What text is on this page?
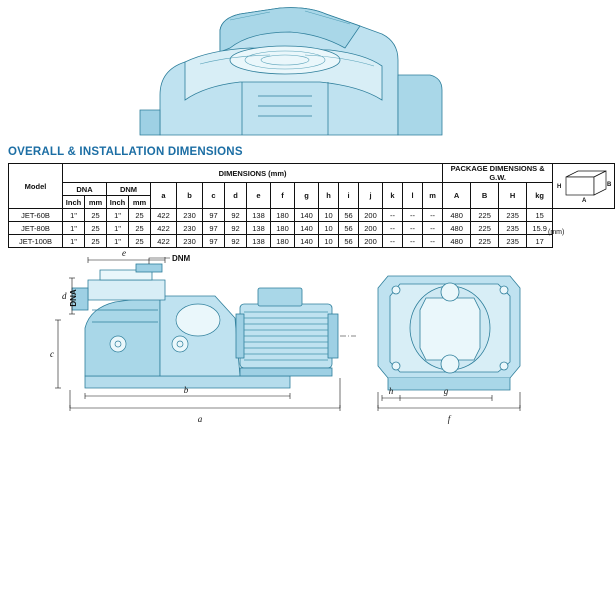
OVERALL & INSTALLATION DIMENSIONS
Model	DIMENSIONS (mm)																	PACKAGE DIMENSIONS & G.W.				H
A
B

	DNA		DNM		a	b	c	d	e	f	g	h	i	j	k	l	m	A	B	H	kg	
	Inch	mm	Inch	mm																		
JET-60B	1"	25	1"	25	422	230	97	92	138	180	140	10	56	200	--	--	--	480	225	235	15	
JET-80B	1"	25	1"	25	422	230	97	92	138	180	140	10	56	200	--	--	--	480	225	235	15.9	
JET-100B	1"	25	1"	25	422	230	97	92	138	180	140	10	56	200	--	--	--	480	225	235	17	
(mm)
a
b
c
d
e
DNA
DNM
f
g
h
